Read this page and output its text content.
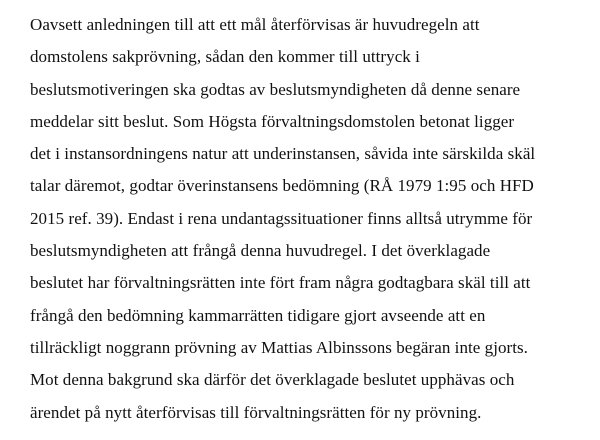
Oavsett anledningen till att ett mål återförvisas är huvudregeln att
domstolens sakprövning, sådan den kommer till uttryck i
beslutsmotiveringen ska godtas av beslutsmyndigheten då denne senare
meddelar sitt beslut. Som Högsta förvaltningsdomstolen betonat ligger
det i instansordningens natur att underinstansen, såvida inte särskilda skäl
talar däremot, godtar överinstansens bedömning (RÅ 1979 1:95 och HFD
2015 ref. 39). Endast i rena undantagssituationer finns alltså utrymme för
beslutsmyndigheten att frångå denna huvudregel. I det överklagade
beslutet har förvaltningsrätten inte fört fram några godtagbara skäl till att
frångå den bedömning kammarrätten tidigare gjort avseende att en
tillräckligt noggrann prövning av Mattias Albinssons begäran inte gjorts.
Mot denna bakgrund ska därför det överklagade beslutet upphävas och
ärendet på nytt återförvisas till förvaltningsrätten för ny prövning.
